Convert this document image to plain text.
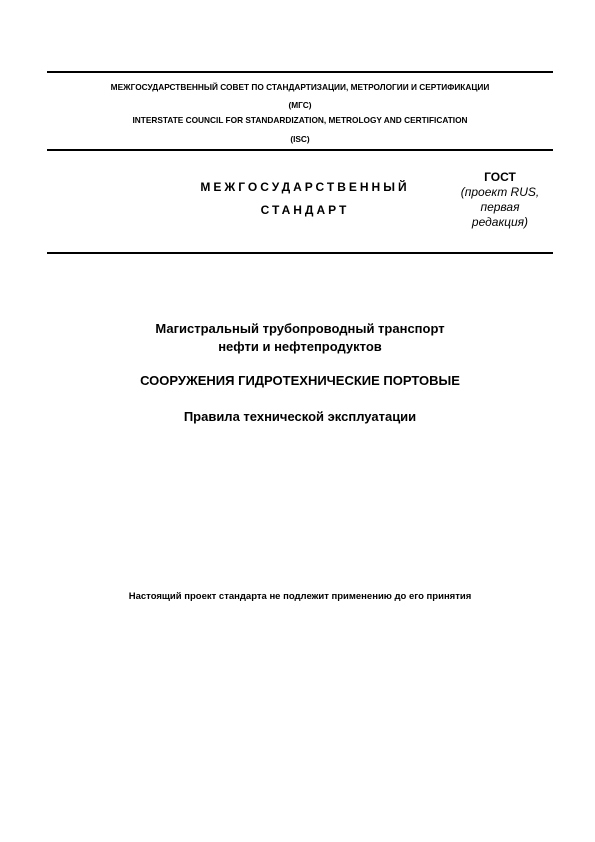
МЕЖГОСУДАРСТВЕННЫЙ СОВЕТ ПО СТАНДАРТИЗАЦИИ, МЕТРОЛОГИИ И СЕРТИФИКАЦИИ
(МГС)
INTERSTATE COUNCIL FOR STANDARDIZATION, METROLOGY AND CERTIFICATION
(ISC)
МЕЖГОСУДАРСТВЕННЫЙ
СТАНДАРТ
ГОСТ
(проект RUS,
первая
редакция)
Магистральный трубопроводный транспорт
нефти и нефтепродуктов
СООРУЖЕНИЯ ГИДРОТЕХНИЧЕСКИЕ ПОРТОВЫЕ
Правила технической эксплуатации
Настоящий проект стандарта не подлежит применению до его принятия
